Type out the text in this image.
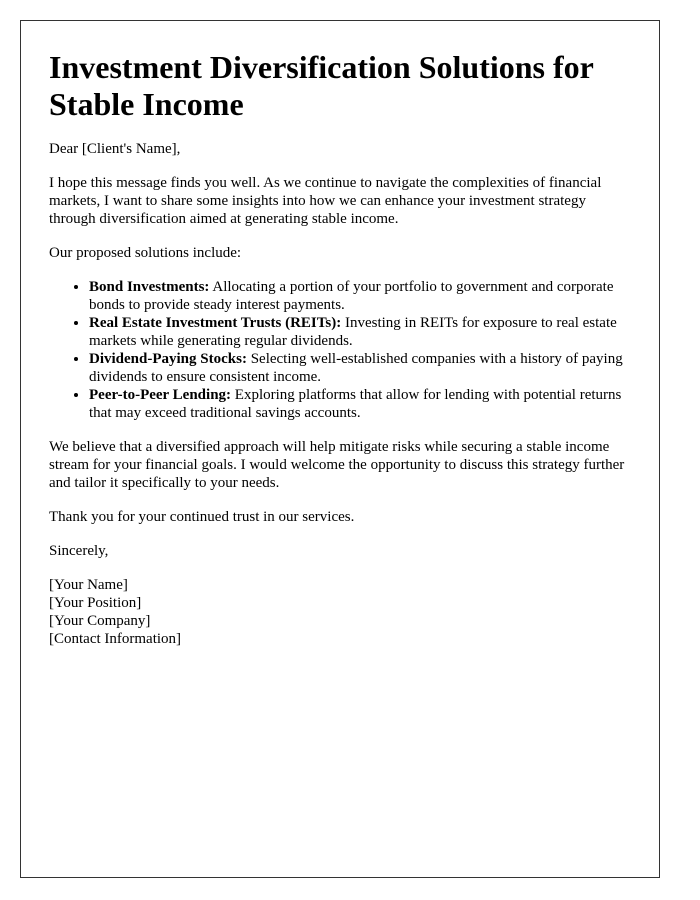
Investment Diversification Solutions for Stable Income

Dear [Client's Name],

I hope this message finds you well. As we continue to navigate the complexities of financial markets, I want to share some insights into how we can enhance your investment strategy through diversification aimed at generating stable income.

Our proposed solutions include:

• Bond Investments: Allocating a portion of your portfolio to government and corporate bonds to provide steady interest payments.
• Real Estate Investment Trusts (REITs): Investing in REITs for exposure to real estate markets while generating regular dividends.
• Dividend-Paying Stocks: Selecting well-established companies with a history of paying dividends to ensure consistent income.
• Peer-to-Peer Lending: Exploring platforms that allow for lending with potential returns that may exceed traditional savings accounts.

We believe that a diversified approach will help mitigate risks while securing a stable income stream for your financial goals. I would welcome the opportunity to discuss this strategy further and tailor it specifically to your needs.

Thank you for your continued trust in our services.

Sincerely,

[Your Name]
[Your Position]
[Your Company]
[Contact Information]
